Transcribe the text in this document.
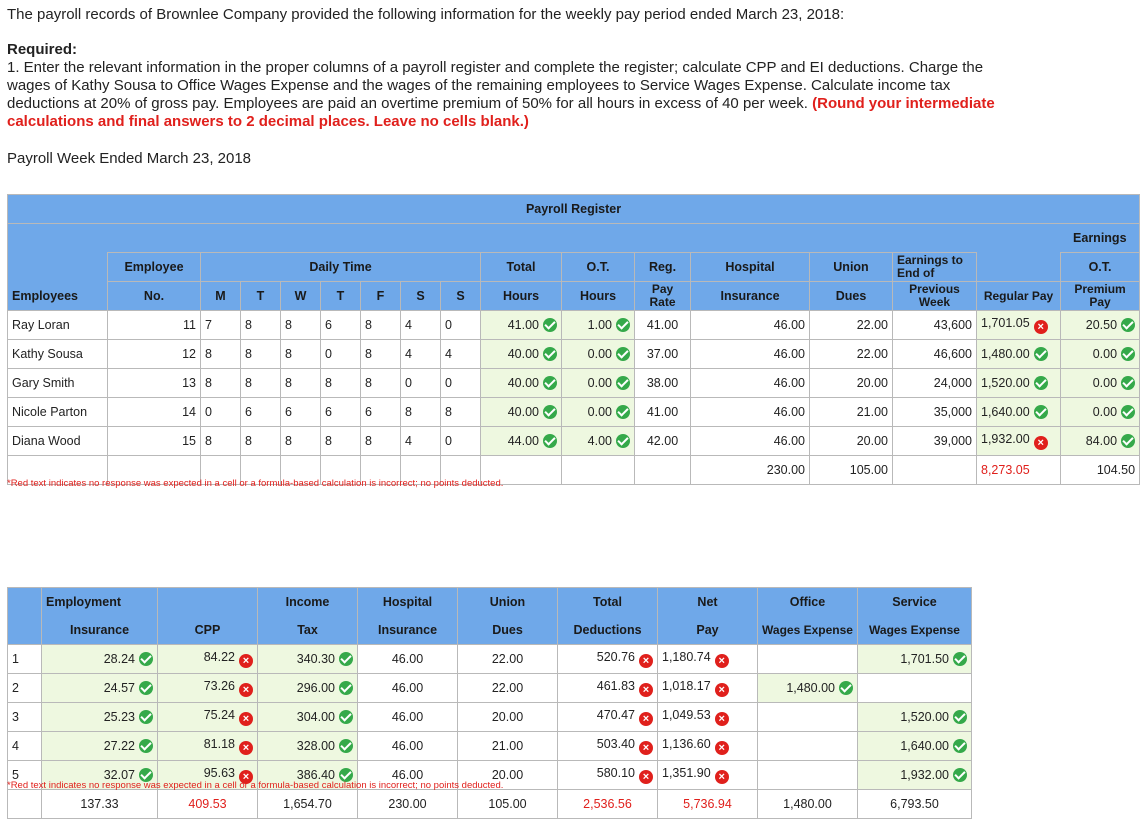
The payroll records of Brownlee Company provided the following information for the weekly pay period ended March 23, 2018:

Required:

1. Enter the relevant information in the proper columns of a payroll register and complete the register; calculate CPP and EI deductions. Charge the wages of Kathy Sousa to Office Wages Expense and the wages of the remaining employees to Service Wages Expense. Calculate income tax deductions at 20% of gross pay. Employees are paid an overtime premium of 50% for all hours in excess of 40 per week. (Round your intermediate calculations and final answers to 2 decimal places. Leave no cells blank.)

Payroll Week Ended March 23, 2018

Payroll Register																
																Earnings
	Employee	Daily Time							Total	O.T.	Reg.	Hospital	Union	Earnings to End of		O.T.
Employees	No.	M	T	W	T	F	S	S	Hours	Hours	Pay Rate	Insurance	Dues	Previous Week	Regular Pay	Premium Pay
Ray Loran	11	7	8	8	6	8	4	0	41.00	1.00	41.00	46.00	22.00	43,600	1,701.05 ×	20.50
Kathy Sousa	12	8	8	8	0	8	4	4	40.00	0.00	37.00	46.00	22.00	46,600	1,480.00	0.00
Gary Smith	13	8	8	8	8	8	0	0	40.00	0.00	38.00	46.00	20.00	24,000	1,520.00	0.00
Nicole Parton	14	0	6	6	6	6	8	8	40.00	0.00	41.00	46.00	21.00	35,000	1,640.00	0.00
Diana Wood	15	8	8	8	8	8	4	0	44.00	4.00	42.00	46.00	20.00	39,000	1,932.00 ×	84.00
												230.00	105.00		8,273.05	104.50
*Red text indicates no response was expected in a cell or a formula-based calculation is incorrect; no points deducted.
	Employment		Income	Hospital	Union	Total	Net	Office	Service
	Insurance	CPP	Tax	Insurance	Dues	Deductions	Pay	Wages Expense	Wages Expense
1	28.24	84.22 ×	340.30	46.00	22.00	520.76 ×	1,180.74 ×		1,701.50
2	24.57	73.26 ×	296.00	46.00	22.00	461.83 ×	1,018.17 ×	1,480.00	
3	25.23	75.24 ×	304.00	46.00	20.00	470.47 ×	1,049.53 ×		1,520.00
4	27.22	81.18 ×	328.00	46.00	21.00	503.40 ×	1,136.60 ×		1,640.00
5	32.07	95.63 ×	386.40	46.00	20.00	580.10 ×	1,351.90 ×		1,932.00
	137.33	409.53	1,654.70	230.00	105.00	2,536.56	5,736.94	1,480.00	6,793.50
*Red text indicates no response was expected in a cell or a formula-based calculation is incorrect; no points deducted.
